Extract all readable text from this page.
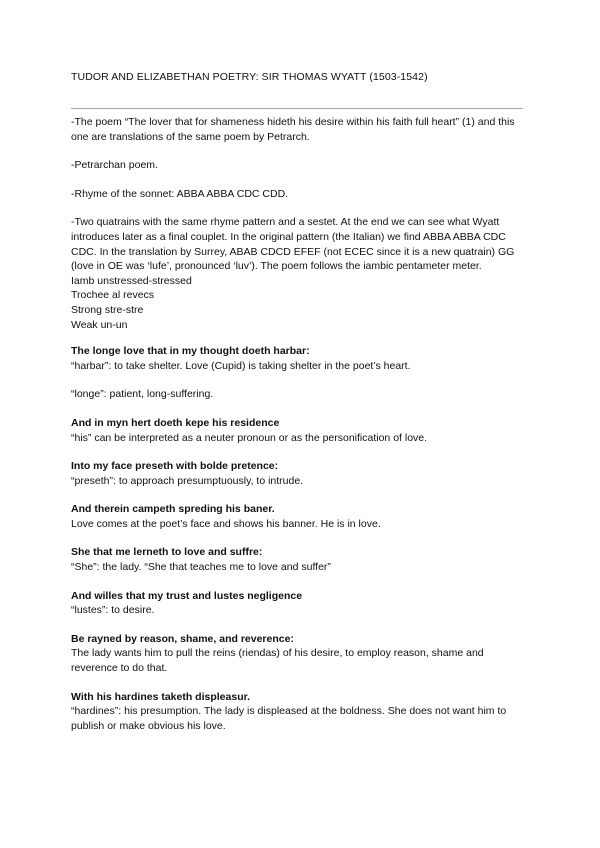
TUDOR AND ELIZABETHAN POETRY: SIR THOMAS WYATT (1503-1542)

-The poem “The lover that for shameness hideth his desire within his faith full heart” (1) and this one are translations of the same poem by Petrarch.

-Petrarchan poem.

-Rhyme of the sonnet: ABBA ABBA CDC CDD.

-Two quatrains with the same rhyme pattern and a sestet. At the end we can see what Wyatt introduces later as a final couplet. In the original pattern (the Italian) we find ABBA ABBA CDC CDC. In the translation by Surrey, ABAB CDCD EFEF (not ECEC since it is a new quatrain) GG (love in OE was ‘lufe’, pronounced ‘luv’). The poem follows the iambic pentameter meter.

Iamb unstressed-stressed

Trochee al revecs

Strong stre-stre

Weak un-un

The longe love that in my thought doeth harbar:

“harbar”: to take shelter. Love (Cupid) is taking shelter in the poet’s heart.

“longe”: patient, long-suffering.

And in myn hert doeth kepe his residence

“his” can be interpreted as a neuter pronoun or as the personification of love.

Into my face preseth with bolde pretence:

“preseth”: to approach presumptuously, to intrude.

And therein campeth spreding his baner.

Love comes at the poet’s face and shows his banner. He is in love.

She that me lerneth to love and suffre:

“She”: the lady. “She that teaches me to love and suffer”

And willes that my trust and lustes negligence

“lustes”: to desire.

Be rayned by reason, shame, and reverence:

The lady wants him to pull the reins (riendas) of his desire, to employ reason, shame and reverence to do that.

With his hardines taketh displeasur.

“hardines”: his presumption. The lady is displeased at the boldness. She does not want him to publish or make obvious his love.
